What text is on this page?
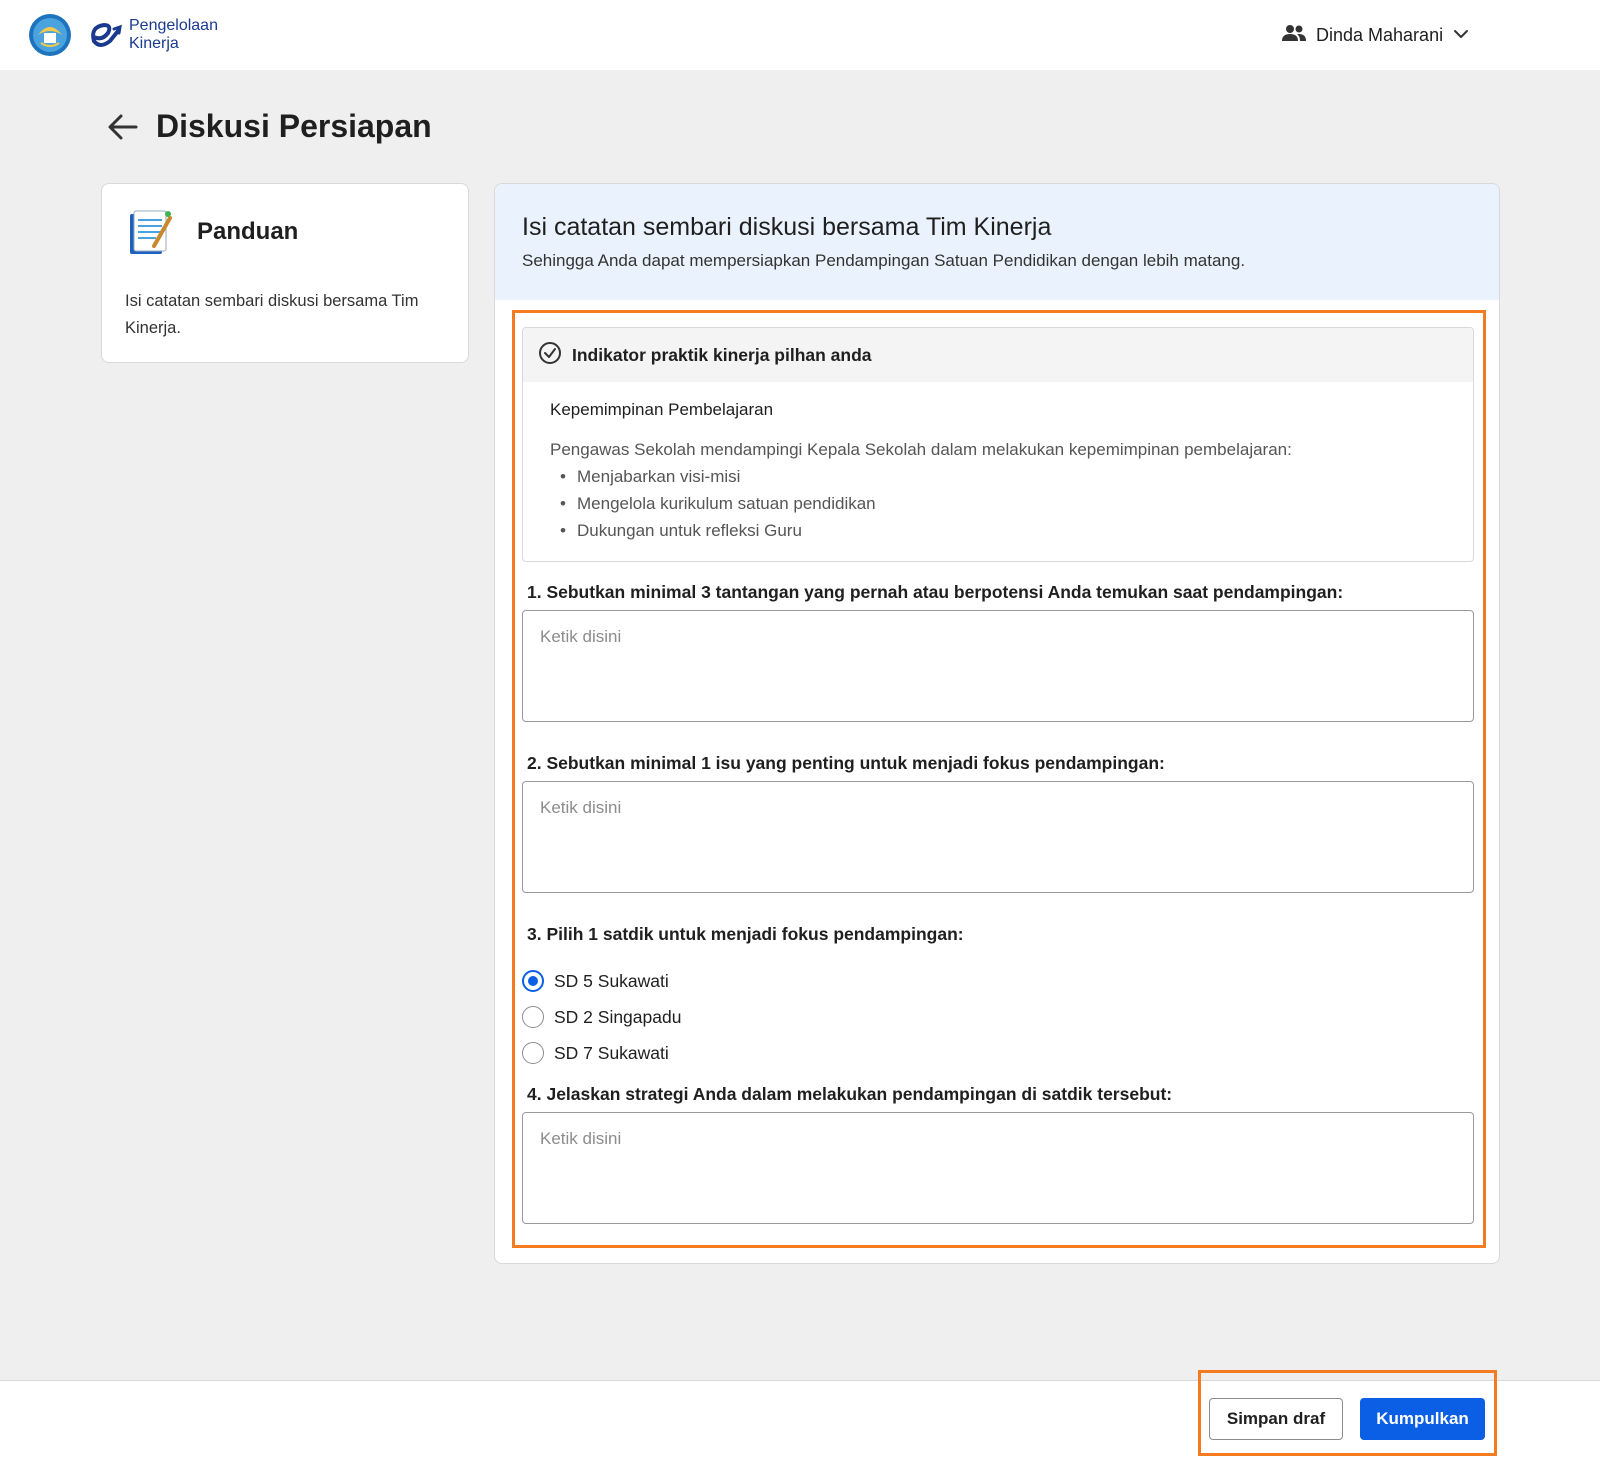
Pengelolaan
Kinerja	Dinda Maharani
Diskusi Persiapan
Panduan

Isi catatan sembari diskusi bersama Tim Kinerja.

Isi catatan sembari diskusi bersama Tim Kinerja
Sehingga Anda dapat mempersiapkan Pendampingan Satuan Pendidikan dengan lebih matang.
Indikator praktik kinerja pilhan anda
Kepemimpinan Pembelajaran
Pengawas Sekolah mendampingi Kepala Sekolah dalam melakukan kepemimpinan pembelajaran:
• Menjabarkan visi-misi
• Mengelola kurikulum satuan pendidikan
• Dukungan untuk refleksi Guru
1. Sebutkan minimal 3 tantangan yang pernah atau berpotensi Anda temukan saat pendampingan:
Ketik disini
2. Sebutkan minimal 1 isu yang penting untuk menjadi fokus pendampingan:
Ketik disini
3. Pilih 1 satdik untuk menjadi fokus pendampingan:
SD 5 Sukawati
SD 2 Singapadu
SD 7 Sukawati
4. Jelaskan strategi Anda dalam melakukan pendampingan di satdik tersebut:
Ketik disini
Simpan draf	Kumpulkan
